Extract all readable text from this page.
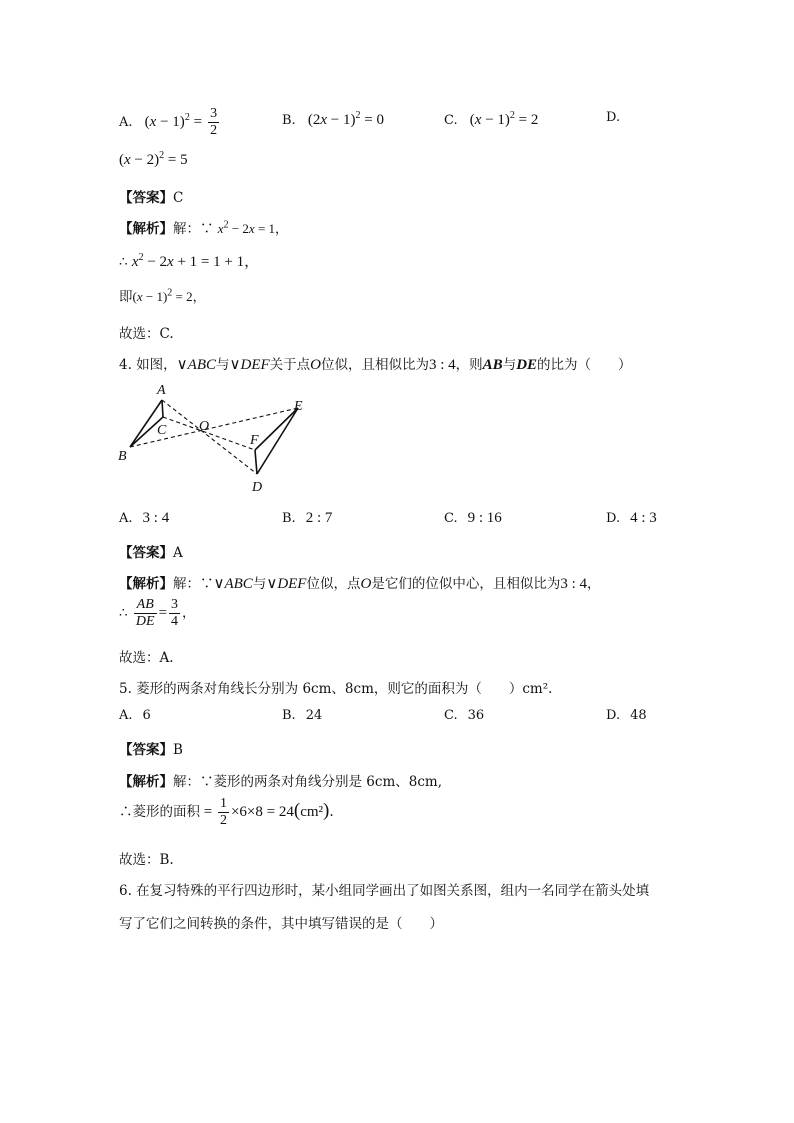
A. $(x - 1)^2 = \frac{3}{2}$	B. $(2x - 1)^2 = 0$	C. $(x - 1)^2 = 2$	D.
$(x - 2)^2 = 5$
【答案】C
【解析】解：∵ $x^2 - 2x = 1$，
∴ $x^2 - 2x + 1 = 1 + 1$，
即$(x - 1)^2 = 2$，
故选：C.
4. 如图，∨ABC与∨DEF关于点O位似，且相似比为3 : 4，则AB与DE的比为（　　）
A
B
C O
E
F
D
A. 3 : 4	B. 2 : 7	C. 9 : 16	D. 4 : 3
【答案】A
【解析】解：∵∨ABC与∨DEF位似，点O是它们的位似中心，且相似比为3 : 4，
∴ $\frac{AB}{DE} = \frac{3}{4}$ ，
故选：A.
5. 菱形的两条对角线长分别为 6cm、8cm，则它的面积为（　　）cm².
A. 6	B. 24	C. 36	D. 48
【答案】B
【解析】解：∵菱形的两条对角线分别是 6cm、8cm,
∴菱形的面积 = $\frac{1}{2} \times 6\times 8 = 24(cm^2)$.
故选：B.
6. 在复习特殊的平行四边形时，某小组同学画出了如图关系图，组内一名同学在箭头处填
写了它们之间转换的条件，其中填写错误的是（　　）
